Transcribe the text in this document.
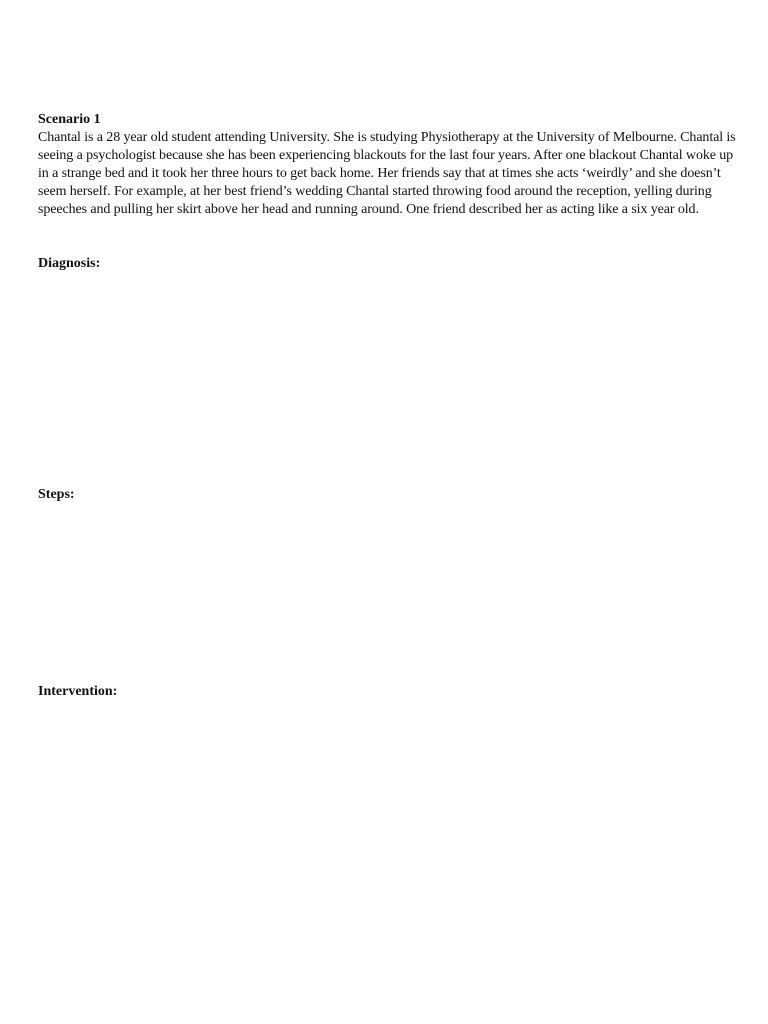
Scenario 1

Chantal is a 28 year old student attending University. She is studying Physiotherapy at the University of Melbourne. Chantal is seeing a psychologist because she has been experiencing blackouts for the last four years. After one blackout Chantal woke up in a strange bed and it took her three hours to get back home. Her friends say that at times she acts ‘weirdly’ and she doesn’t seem herself. For example, at her best friend’s wedding Chantal started throwing food around the reception, yelling during speeches and pulling her skirt above her head and running around. One friend described her as acting like a six year old.

Diagnosis:

Steps:

Intervention:
